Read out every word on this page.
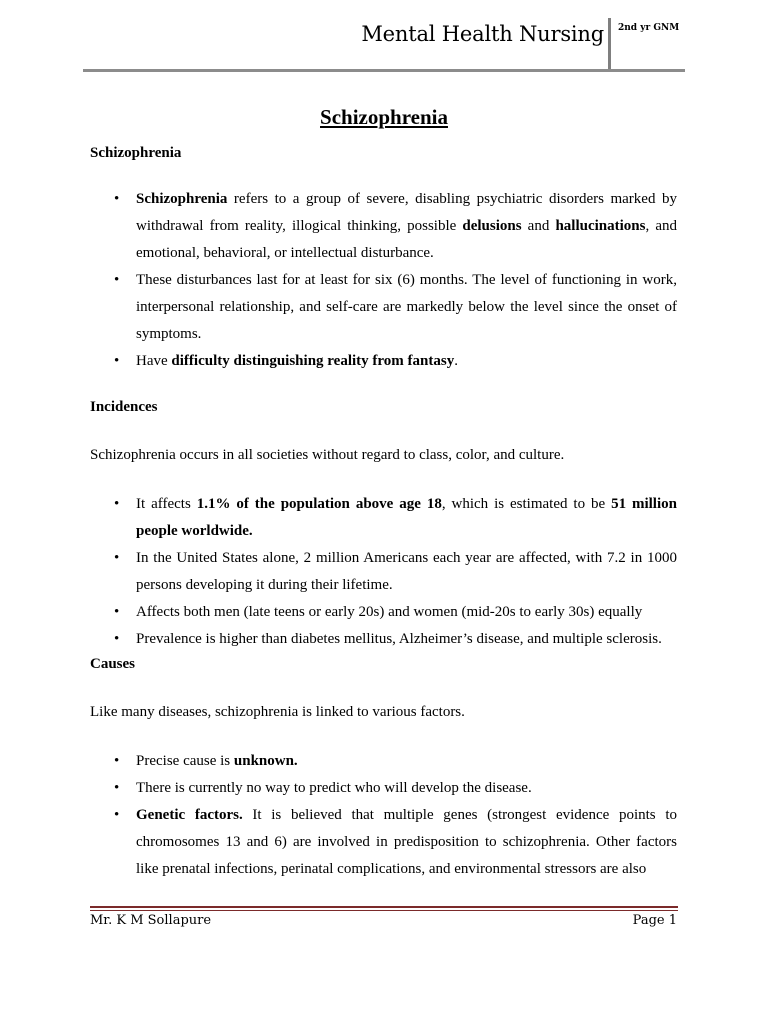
Mental Health Nursing 2nd yr GNM
Schizophrenia
Schizophrenia
• Schizophrenia refers to a group of severe, disabling psychiatric disorders marked by withdrawal from reality, illogical thinking, possible delusions and hallucinations, and emotional, behavioral, or intellectual disturbance.
• These disturbances last for at least for six (6) months. The level of functioning in work, interpersonal relationship, and self-care are markedly below the level since the onset of symptoms.
• Have difficulty distinguishing reality from fantasy.
Incidences
Schizophrenia occurs in all societies without regard to class, color, and culture.
• It affects 1.1% of the population above age 18, which is estimated to be 51 million people worldwide.
• In the United States alone, 2 million Americans each year are affected, with 7.2 in 1000 persons developing it during their lifetime.
• Affects both men (late teens or early 20s) and women (mid-20s to early 30s) equally
• Prevalence is higher than diabetes mellitus, Alzheimer’s disease, and multiple sclerosis.
Causes
Like many diseases, schizophrenia is linked to various factors.
• Precise cause is unknown.
• There is currently no way to predict who will develop the disease.
• Genetic factors. It is believed that multiple genes (strongest evidence points to chromosomes 13 and 6) are involved in predisposition to schizophrenia. Other factors like prenatal infections, perinatal complications, and environmental stressors are also
Mr. K M Sollapure	Page 1
